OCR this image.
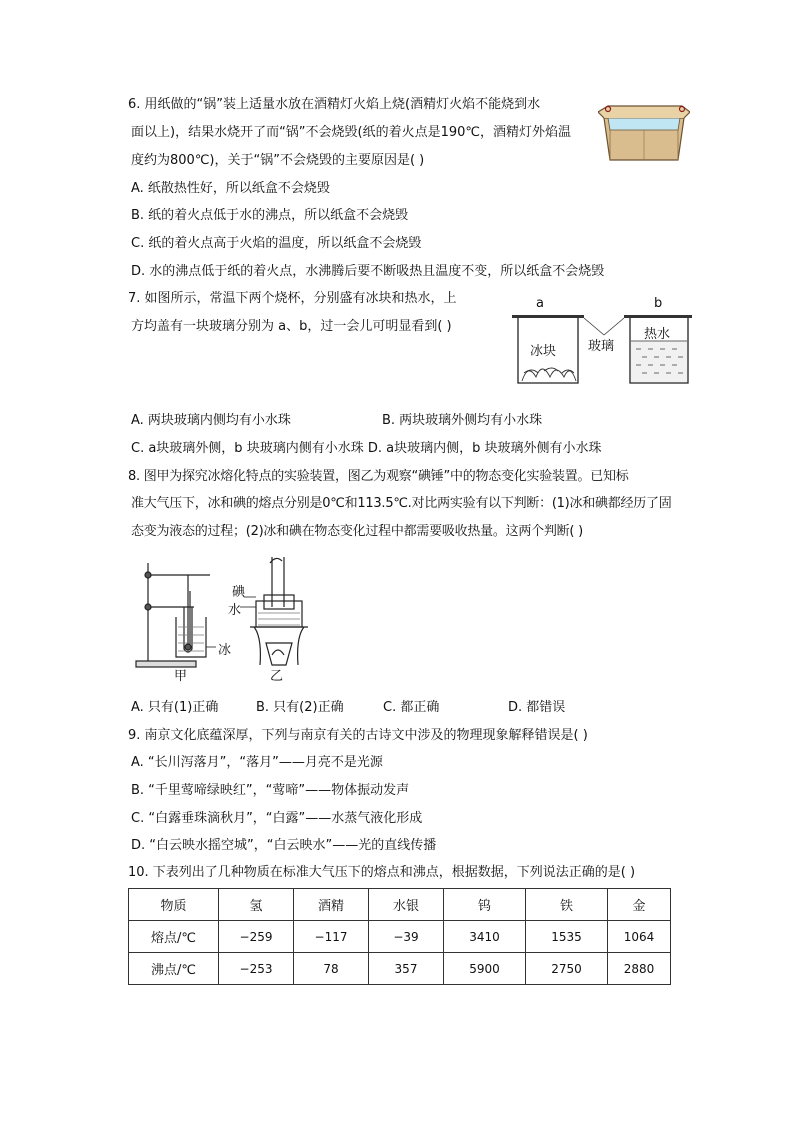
6. 用纸做的“锅”装上适量水放在酒精灯火焰上烧(酒精灯火焰不能烧到水
面以上)，结果水烧开了而“锅”不会烧毁(纸的着火点是190℃，酒精灯外焰温
度约为800℃)，关于“锅”不会烧毁的主要原因是( )
A. 纸散热性好，所以纸盒不会烧毁
B. 纸的着火点低于水的沸点，所以纸盒不会烧毁
C. 纸的着火点高于火焰的温度，所以纸盒不会烧毁
D. 水的沸点低于纸的着火点，水沸腾后要不断吸热且温度不变，所以纸盒不会烧毁
7. 如图所示，常温下两个烧杯，分别盛有冰块和热水，上
方均盖有一块玻璃分别为 a、b，过一会儿可明显看到( )
a	b
冰块 玻璃
热水
A. 两块玻璃内侧均有小水珠	B. 两块玻璃外侧均有小水珠
C. a块玻璃外侧，b 块玻璃内侧有小水珠 D. a块玻璃内侧，b 块玻璃外侧有小水珠
8. 图甲为探究冰熔化特点的实验装置，图乙为观察“碘锤”中的物态变化实验装置。已知标
准大气压下，冰和碘的熔点分别是0℃和113.5℃.对比两实验有以下判断：(1)冰和碘都经历了固
态变为液态的过程；(2)冰和碘在物态变化过程中都需要吸收热量。这两个判断( )
冰
甲
碘
水
乙
A. 只有(1)正确	B. 只有(2)正确	C. 都正确	D. 都错误
9. 南京文化底蕴深厚，下列与南京有关的古诗文中涉及的物理现象解释错误是( )
A. “长川泻落月”，“落月”——月亮不是光源
B. “千里莺啼绿映红”，“莺啼”——物体振动发声
C. “白露垂珠滴秋月”，“白露”——水蒸气液化形成
D. “白云映水摇空城”，“白云映水”——光的直线传播
10. 下表列出了几种物质在标准大气压下的熔点和沸点，根据数据，下列说法正确的是( )
物质	氢	酒精	水银	钨	铁	金
熔点/℃	−259	−117	−39	3410	1535	1064
沸点/℃	−253	78	357	5900	2750	2880
